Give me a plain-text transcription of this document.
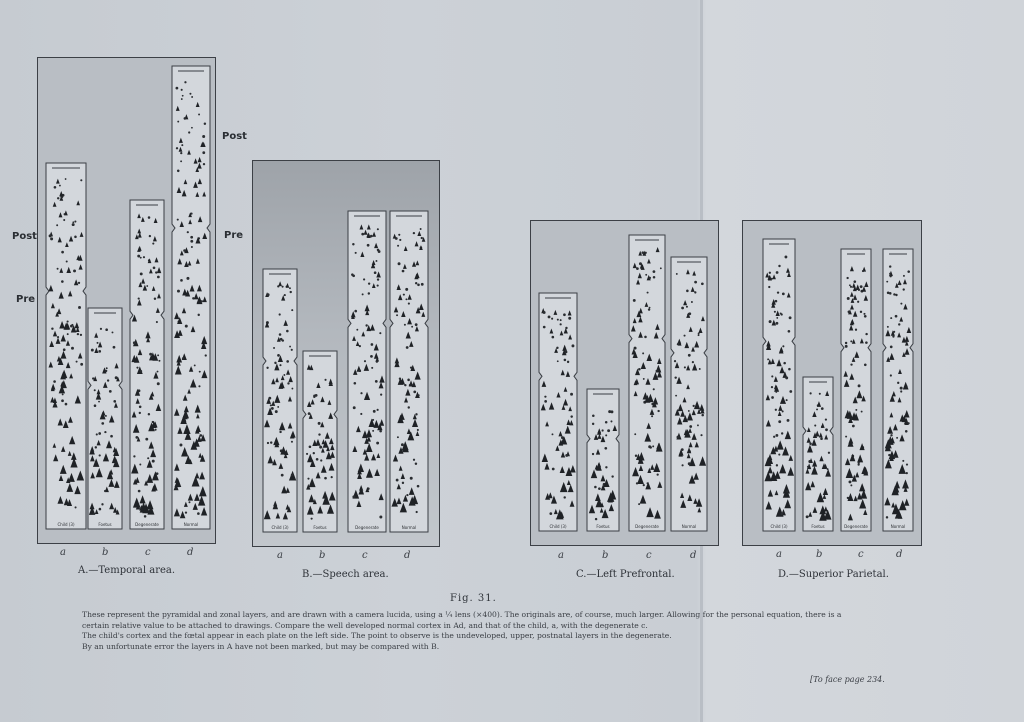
Child (3)	Foetus	Degenerate	Normal
Child (3)	Foetus	Degenerate	Normal	Child (3)	Foetus	Degenerate	Normal	Child (3)	Foetus	Degenerate	Normal
Post
Pre
Post
Pre
a	b	c	d	a	b	c	d	a	b	c	d	a	b	c	d
A.—Temporal area.	B.—Speech area.	C.—Left Prefrontal.	D.—Superior Parietal.
Fig. 31.
These represent the pyramidal and zonal layers, and are drawn with a camera lucida, using a ¼ lens (×400). The originals are, of course, much larger. Allowing for the personal equation, there is a
certain relative value to be attached to drawings. Compare the well developed normal cortex in Ad, and that of the child, a, with the degenerate c.
The child's cortex and the fœtal appear in each plate on the left side. The point to observe is the undeveloped, upper, postnatal layers in the degenerate.
By an unfortunate error the layers in A have not been marked, but may be compared with B.
[To face page 234.
